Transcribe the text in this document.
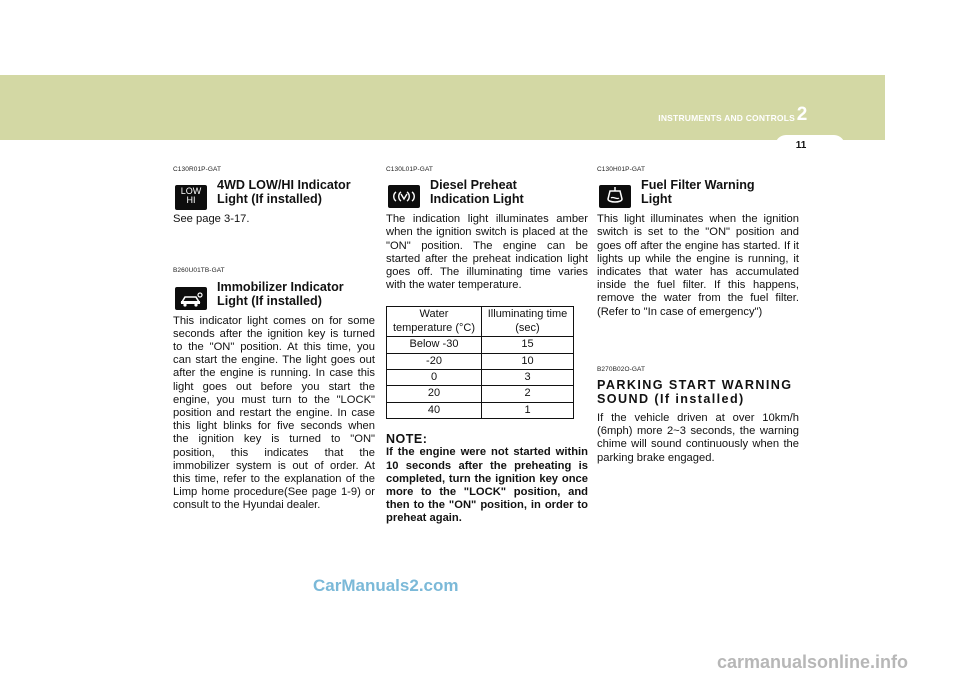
INSTRUMENTS AND CONTROLS 2
11
C130R01P-GAT
LOW
HI
4WD LOW/HI Indicator Light (If installed)
See page 3-17.
B260U01TB-GAT
Immobilizer Indicator Light (If installed)
This indicator light comes on for some seconds after the ignition key is turned to the "ON" position. At this time, you can start the engine. The light goes out after the engine is running. In case this light goes out before you start the engine, you must turn to the "LOCK" position and restart the engine. In case this light blinks for five seconds when the ignition key is turned to "ON" position, this indicates that the immobilizer system is out of order. At this time, refer to the explanation of the Limp home procedure(See page 1-9) or consult to the Hyundai dealer.
C130L01P-GAT
Diesel Preheat Indication Light
The indication light illuminates amber when the ignition switch is placed at the "ON" position. The engine can be started after the preheat indication light goes off. The illuminating time varies with the water temperature.
Water temperature (°C)	Illuminating time (sec)
Below -30	15
-20	10
0	3
20	2
40	1
NOTE:
If the engine were not started within 10 seconds after the preheating is completed, turn the ignition key once more to the "LOCK" position, and then to the "ON" position, in order to preheat again.
C130H01P-GAT
Fuel Filter Warning Light
This light illuminates when the ignition switch is set to the "ON" position and goes off after the engine has started. If it lights up while the engine is running, it indicates that water has accumulated inside the fuel filter. If this happens, remove the water from the fuel filter. (Refer to "In case of emergency")
B270B02O-GAT
PARKING START WARNING SOUND (If installed)
If the vehicle driven at over 10km/h (6mph) more 2~3 seconds, the warning chime will sound continuously when the parking brake engaged.
CarManuals2.com
carmanualsonline.info
